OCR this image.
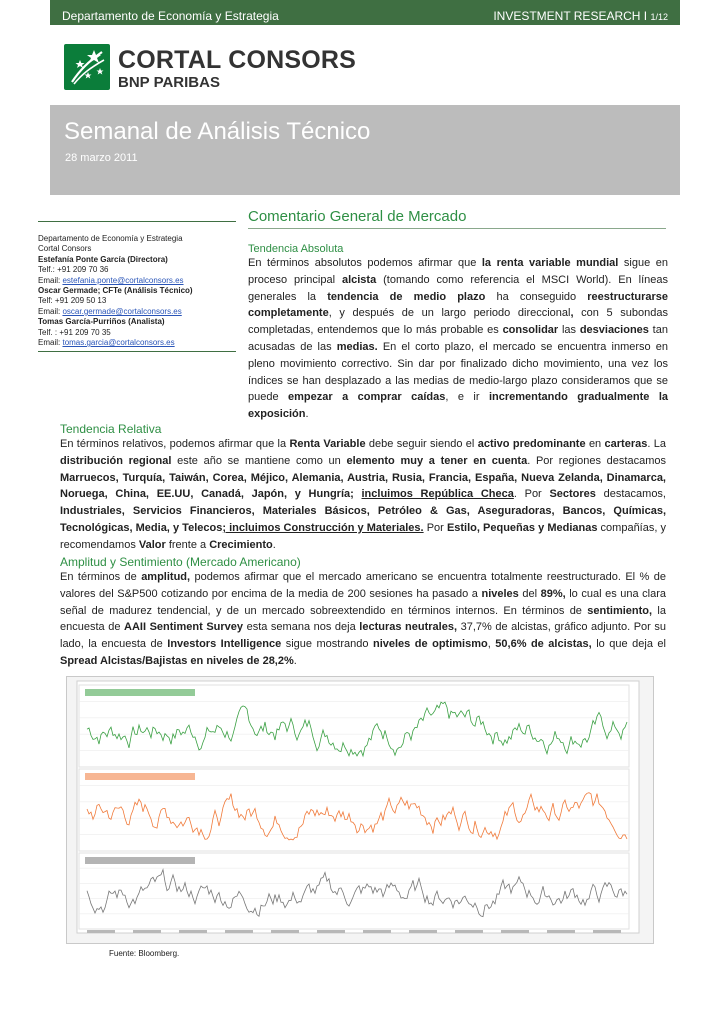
Departamento de Economía y Estrategia	INVESTMENT RESEARCH I 1/12
CORTAL CONSORS
BNP PARIBAS
Semanal de Análisis Técnico
28 marzo 2011
Departamento de Economía y Estrategia
Cortal Consors
Estefanía Ponte García (Directora)
Telf.: +91 209 70 36
Email: estefania.ponte@cortalconsors.es
Oscar Germade; CFTe (Análisis Técnico)
Telf: +91 209 50 13
Email: oscar.germade@cortalconsors.es
Tomas García-Purriños (Analista)
Telf. : +91 209 70 35
Email: tomas.garcia@cortalconsors.es
Comentario General de Mercado
Tendencia Absoluta

En términos absolutos podemos afirmar que la renta variable mundial sigue en proceso principal alcista (tomando como referencia el MSCI World). En líneas generales la tendencia de medio plazo ha conseguido reestructurarse completamente, y después de un largo periodo direccional, con 5 subondas completadas, entendemos que lo más probable es consolidar las desviaciones tan acusadas de las medias. En el corto plazo, el mercado se encuentra inmerso en pleno movimiento correctivo. Sin dar por finalizado dicho movimiento, una vez los índices se han desplazado a las medias de medio-largo plazo consideramos que se puede empezar a comprar caídas, e ir incrementando gradualmente la exposición.

Tendencia Relativa

En términos relativos, podemos afirmar que la Renta Variable debe seguir siendo el activo predominante en carteras. La distribución regional este año se mantiene como un elemento muy a tener en cuenta. Por regiones destacamos Marruecos, Turquía, Taiwán, Corea, Méjico, Alemania, Austria, Rusia, Francia, España, Nueva Zelanda, Dinamarca, Noruega, China, EE.UU, Canadá, Japón, y Hungría; incluimos República Checa. Por Sectores destacamos, Industriales, Servicios Financieros, Materiales Básicos, Petróleo & Gas, Aseguradoras, Bancos, Químicas, Tecnológicas, Media, y Telecos; incluimos Construcción y Materiales. Por Estilo, Pequeñas y Medianas compañías, y recomendamos Valor frente a Crecimiento.

Amplitud y Sentimiento (Mercado Americano)

En términos de amplitud, podemos afirmar que el mercado americano se encuentra totalmente reestructurado. El % de valores del S&P500 cotizando por encima de la media de 200 sesiones ha pasado a niveles del 89%, lo cual es una clara señal de madurez tendencial, y de un mercado sobreextendido en términos internos. En términos de sentimiento, la encuesta de AAII Sentiment Survey esta semana nos deja lecturas neutrales, 37,7% de alcistas, gráfico adjunto. Por su lado, la encuesta de Investors Intelligence sigue mostrando niveles de optimismo, 50,6% de alcistas, lo que deja el Spread Alcistas/Bajistas en niveles de 28,2%.

Fuente: Bloomberg.
